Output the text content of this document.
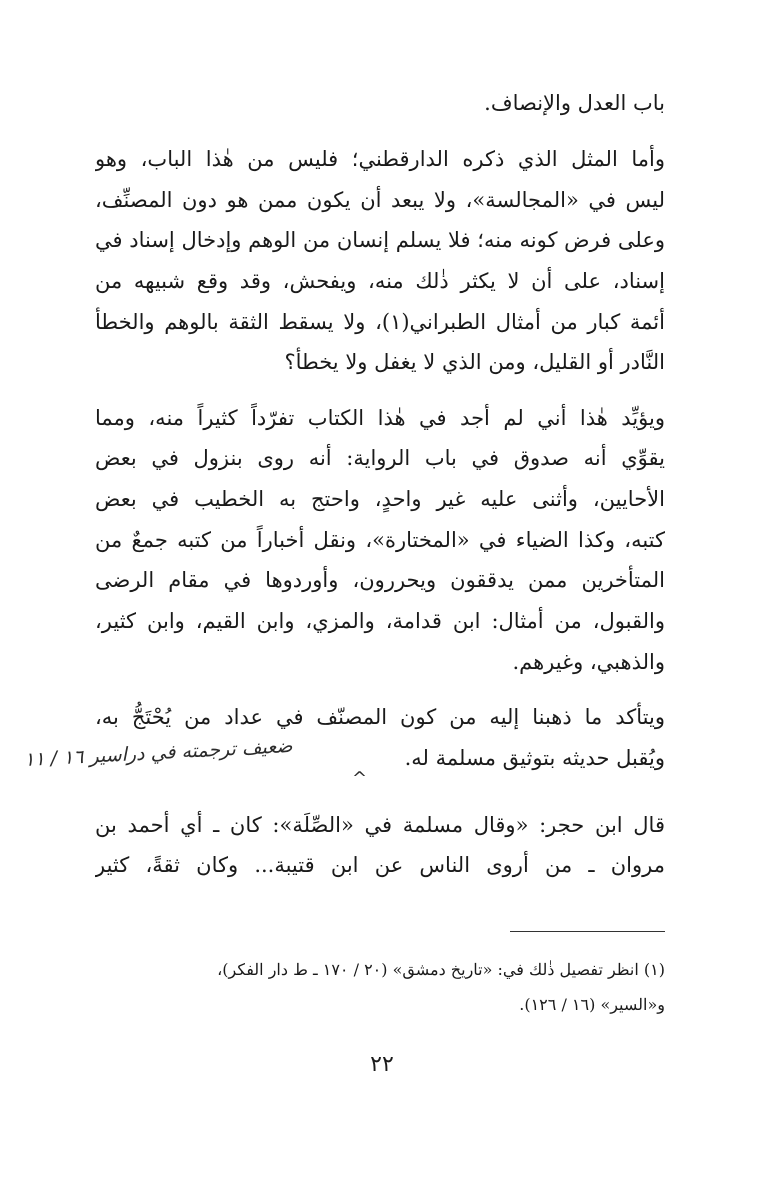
باب العدل والإنصاف.
وأما المثل الذي ذكره الدارقطني؛ فليس من هٰذا الباب، وهو
ليس في «المجالسة»، ولا يبعد أن يكون ممن هو دون المصنِّف،
وعلى فرض كونه منه؛ فلا يسلم إنسان من الوهم وإدخال إسناد في
إسناد، على أن لا يكثر ذٰلك منه، ويفحش، وقد وقع شبيهه من
أئمة كبار من أمثال الطبراني(١)، ولا يسقط الثقة بالوهم والخطأ
النَّادر أو القليل، ومن الذي لا يغفل ولا يخطأ؟
ويؤيِّد هٰذا أني لم أجد في هٰذا الكتاب تفرّداً كثيراً منه، ومما
يقوِّي أنه صدوق في باب الرواية: أنه روى بنزول في بعض
الأحايين، وأثنى عليه غير واحدٍ، واحتج به الخطيب في بعض
كتبه، وكذا الضياء في «المختارة»، ونقل أخباراً من كتبه جمعٌ من
المتأخرين ممن يدققون ويحررون، وأوردوها في مقام الرضى
والقبول، من أمثال: ابن قدامة، والمزي، وابن القيم، وابن كثير،
والذهبي، وغيرهم.
ويتأكد ما ذهبنا إليه من كون المصنّف في عداد من يُحْتَجُّ به،
ويُقبل حديثه بتوثيق مسلمة له.
ضعيف ترجمته في دراسير ١٦ / ١١
^
قال ابن حجر: «وقال مسلمة في «الصِّلَة»: كان ـ أي أحمد بن
مروان ـ من أروى الناس عن ابن قتيبة... وكان ثقةً، كثير
(١) انظر تفصيل ذٰلك في: «تاريخ دمشق» (٢٠ / ١٧٠ ـ ط دار الفكر)،
و«السير» (١٦ / ١٢٦).
٢٢
